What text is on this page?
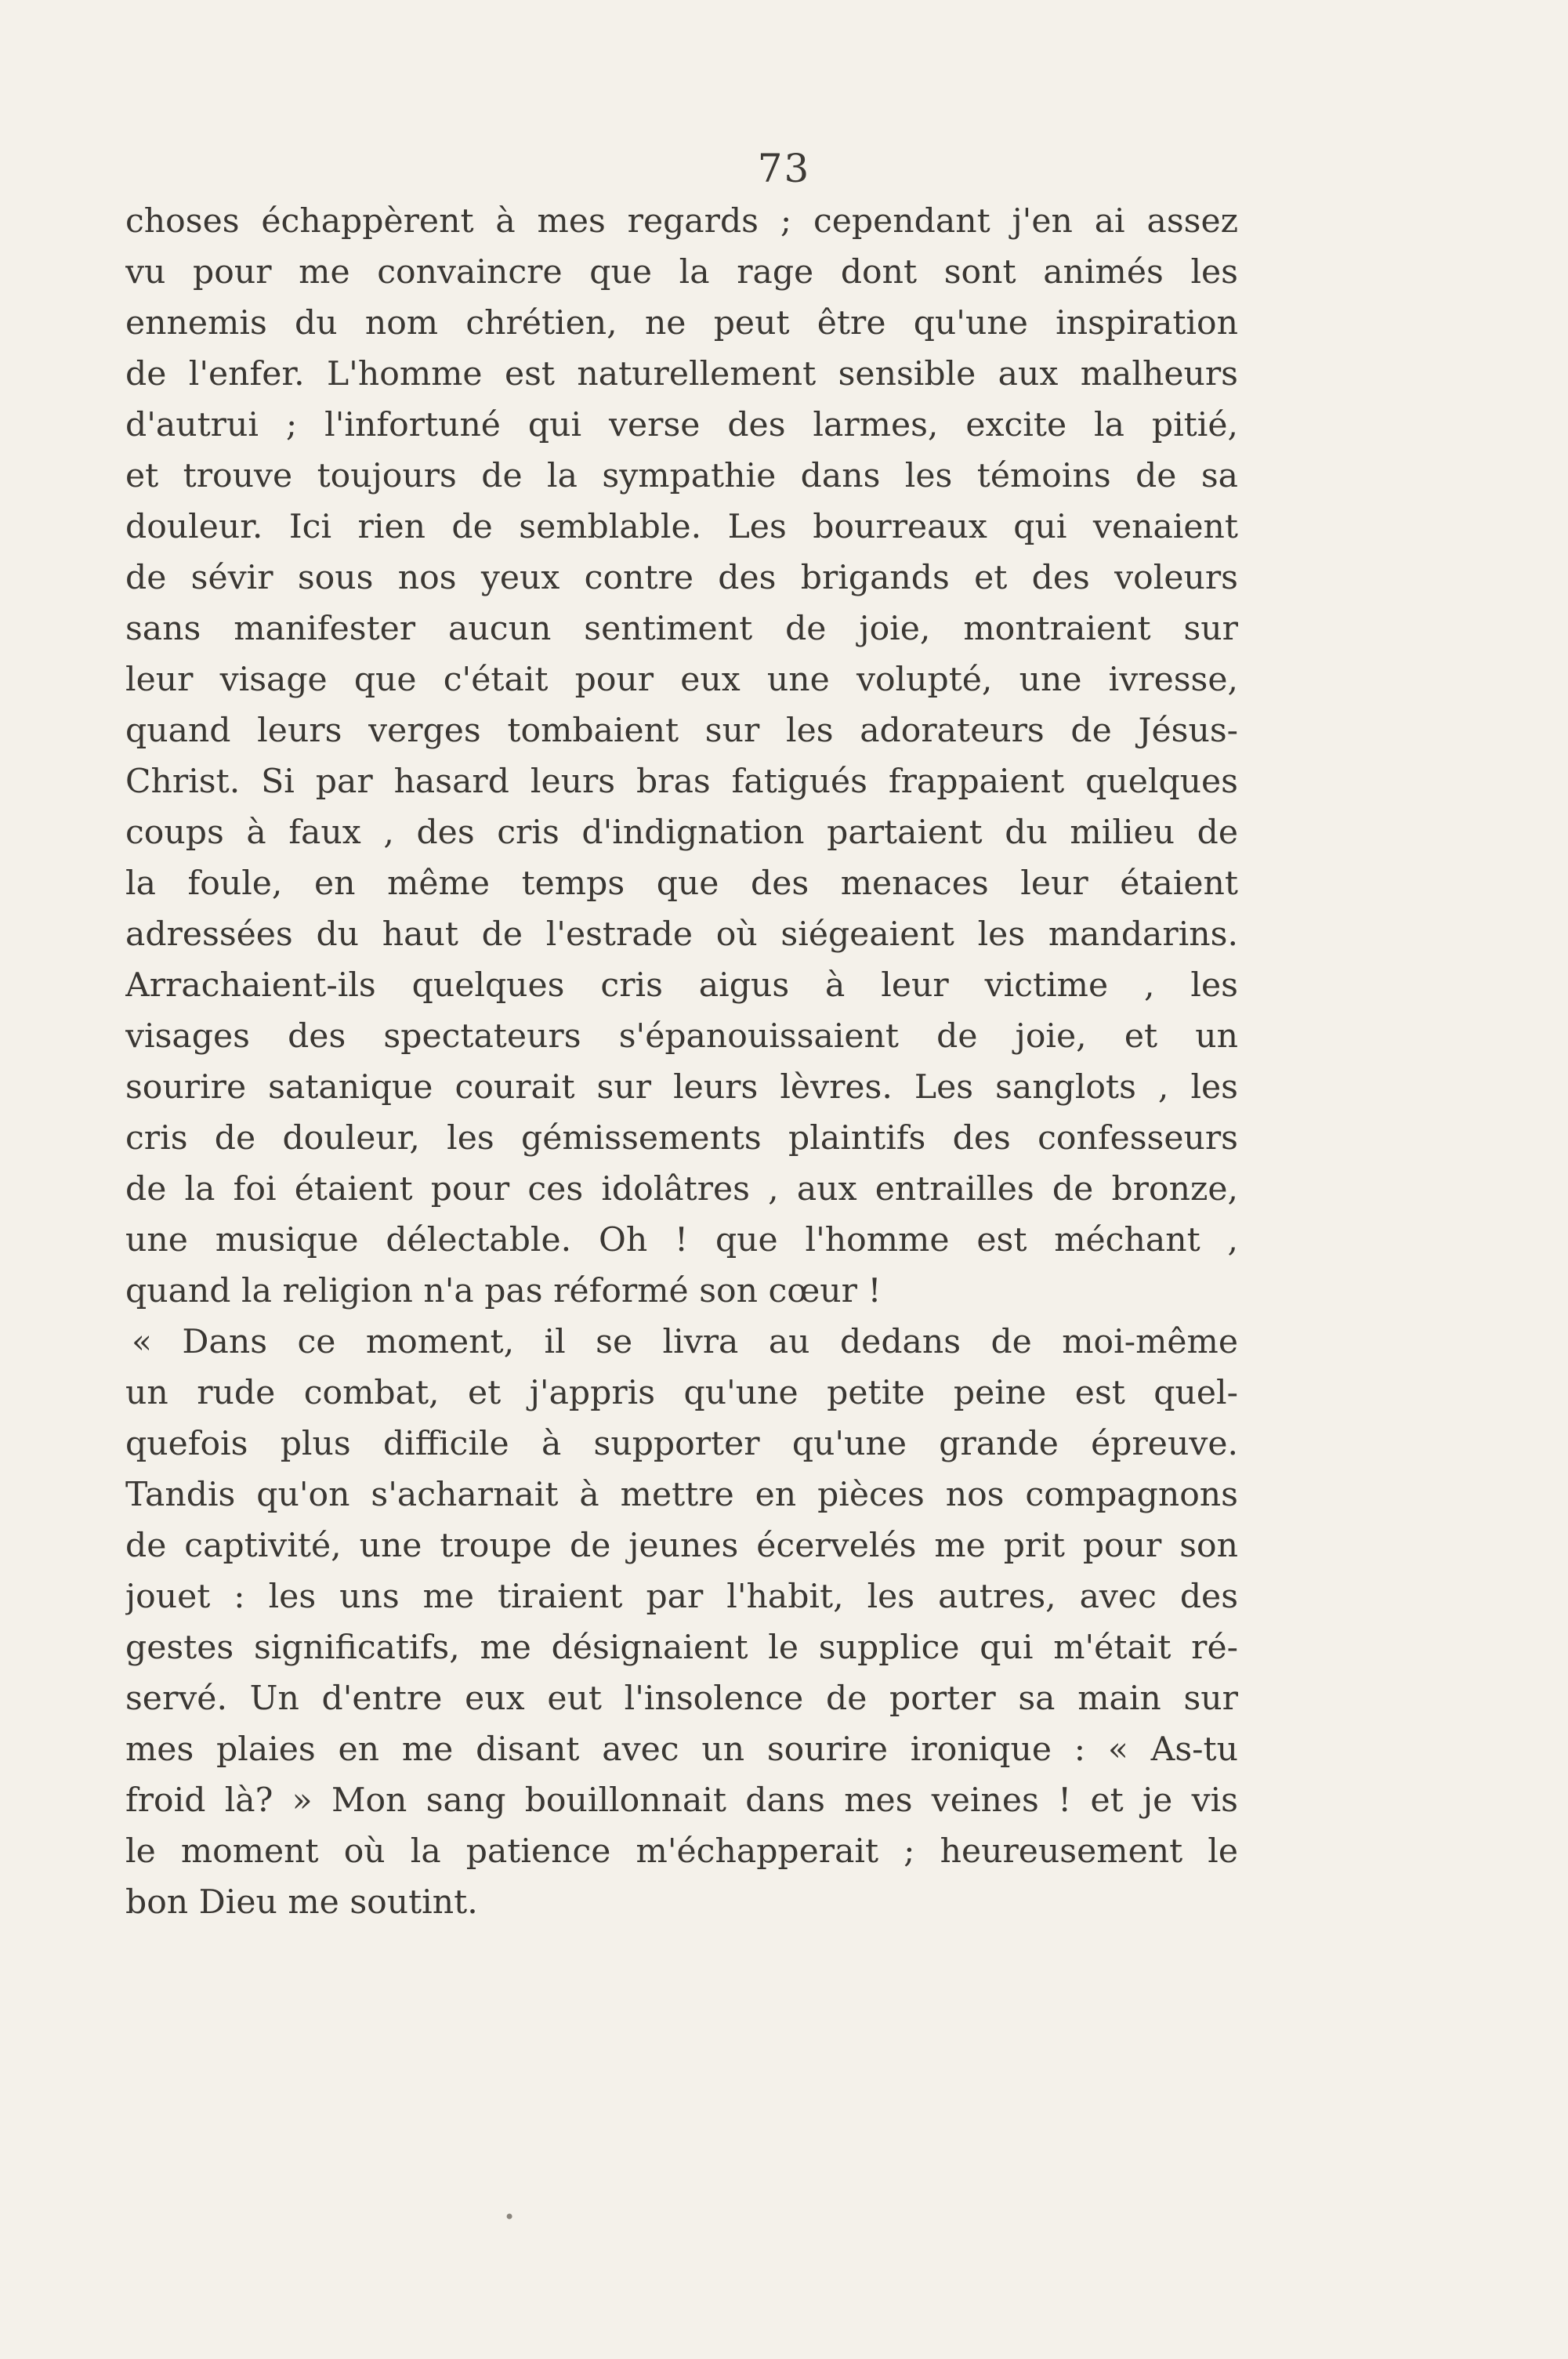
73
choses échappèrent à mes regards ; cependant j'en ai assez
vu pour me convaincre que la rage dont sont animés les
ennemis du nom chrétien, ne peut être qu'une inspiration
de l'enfer. L'homme est naturellement sensible aux malheurs
d'autrui ; l'infortuné qui verse des larmes, excite la pitié,
et trouve toujours de la sympathie dans les témoins de sa
douleur. Ici rien de semblable. Les bourreaux qui venaient
de sévir sous nos yeux contre des brigands et des voleurs
sans manifester aucun sentiment de joie, montraient sur
leur visage que c'était pour eux une volupté, une ivresse,
quand leurs verges tombaient sur les adorateurs de Jésus-
Christ. Si par hasard leurs bras fatigués frappaient quelques
coups à faux , des cris d'indignation partaient du milieu de
la foule, en même temps que des menaces leur étaient
adressées du haut de l'estrade où siégeaient les mandarins.
Arrachaient-ils quelques cris aigus à leur victime , les
visages des spectateurs s'épanouissaient de joie, et un
sourire satanique courait sur leurs lèvres. Les sanglots , les
cris de douleur, les gémissements plaintifs des confesseurs
de la foi étaient pour ces idolâtres , aux entrailles de bronze,
une musique délectable. Oh ! que l'homme est méchant ,
quand la religion n'a pas réformé son cœur !
« Dans ce moment, il se livra au dedans de moi-même
un rude combat, et j'appris qu'une petite peine est quel-
quefois plus difficile à supporter qu'une grande épreuve.
Tandis qu'on s'acharnait à mettre en pièces nos compagnons
de captivité, une troupe de jeunes écervelés me prit pour son
jouet : les uns me tiraient par l'habit, les autres, avec des
gestes significatifs, me désignaient le supplice qui m'était ré-
servé. Un d'entre eux eut l'insolence de porter sa main sur
mes plaies en me disant avec un sourire ironique : « As-tu
froid là? » Mon sang bouillonnait dans mes veines ! et je vis
le moment où la patience m'échapperait ; heureusement le
bon Dieu me soutint.
•
